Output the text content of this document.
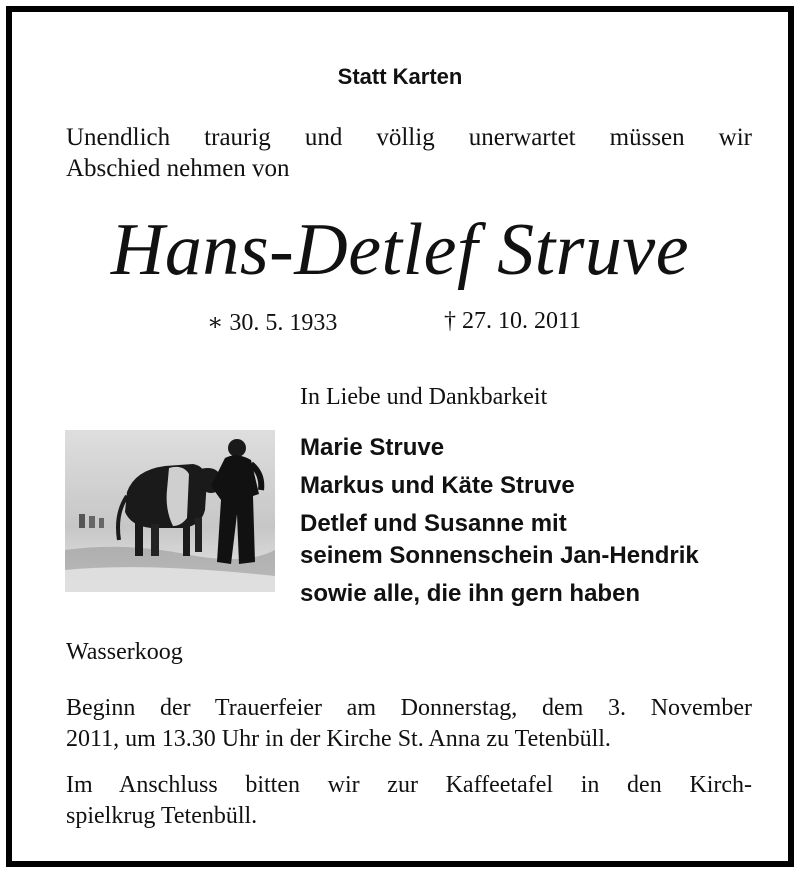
Statt Karten
Unendlich traurig und völlig unerwartet müssen wir
Abschied nehmen von
Hans-Detlef Struve
∗ 30. 5. 1933	† 27. 10. 2011
In Liebe und Dankbarkeit
Marie Struve
Markus und Käte Struve
Detlef und Susanne mit
seinem Sonnenschein Jan-Hendrik
sowie alle, die ihn gern haben
Wasserkoog
Beginn der Trauerfeier am Donnerstag, dem 3. November
2011, um 13.30 Uhr in der Kirche St. Anna zu Tetenbüll.
Im Anschluss bitten wir zur Kaffeetafel in den Kirch-
spielkrug Tetenbüll.
